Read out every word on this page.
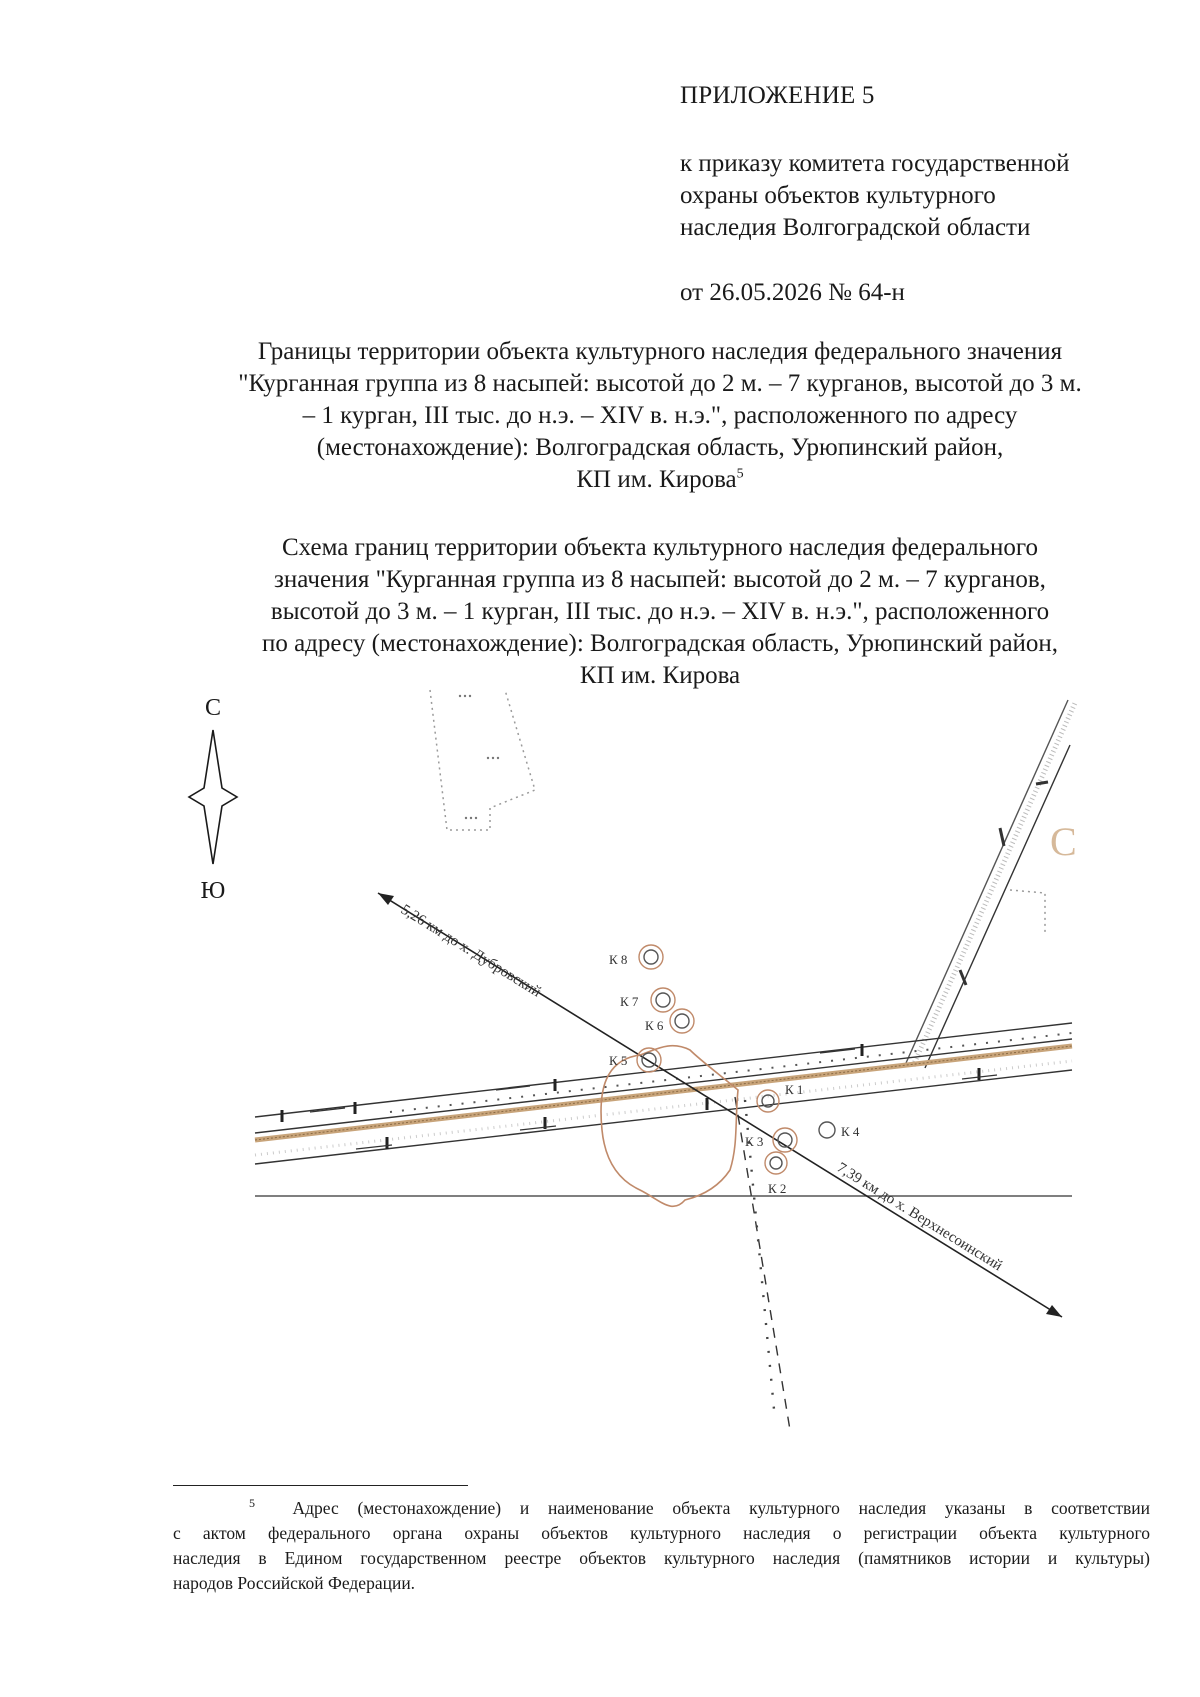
ПРИЛОЖЕНИЕ 5
к приказу комитета государственной
охраны объектов культурного
наследия Волгоградской области
от 26.05.2026 № 64-н
Границы территории объекта культурного наследия федерального значения
"Курганная группа из 8 насыпей: высотой до 2 м. – 7 курганов, высотой до 3 м.
– 1 курган, III тыс. до н.э. – XIV в. н.э.", расположенного по адресу
(местонахождение): Волгоградская область, Урюпинский район,
КП им. Кирова$^5$
Схема границ территории объекта культурного наследия федерального
значения "Курганная группа из 8 насыпей: высотой до 2 м. – 7 курганов,
высотой до 3 м. – 1 курган, III тыс. до н.э. – XIV в. н.э.", расположенного
по адресу (местонахождение): Волгоградская область, Урюпинский район,
КП им. Кирова
С
Ю
С
5,26 км до х. Дубровский
7,39 км до х. Верхнесоинский
К 8
К 7
К 6
К 5
К 1
К 3
К 4
К 2
$^5$ Адрес (местонахождение) и наименование объекта культурного наследия указаны в соответствии
с актом федерального органа охраны объектов культурного наследия о регистрации объекта культурного
наследия в Едином государственном реестре объектов культурного наследия (памятников истории и культуры)
народов Российской Федерации.
